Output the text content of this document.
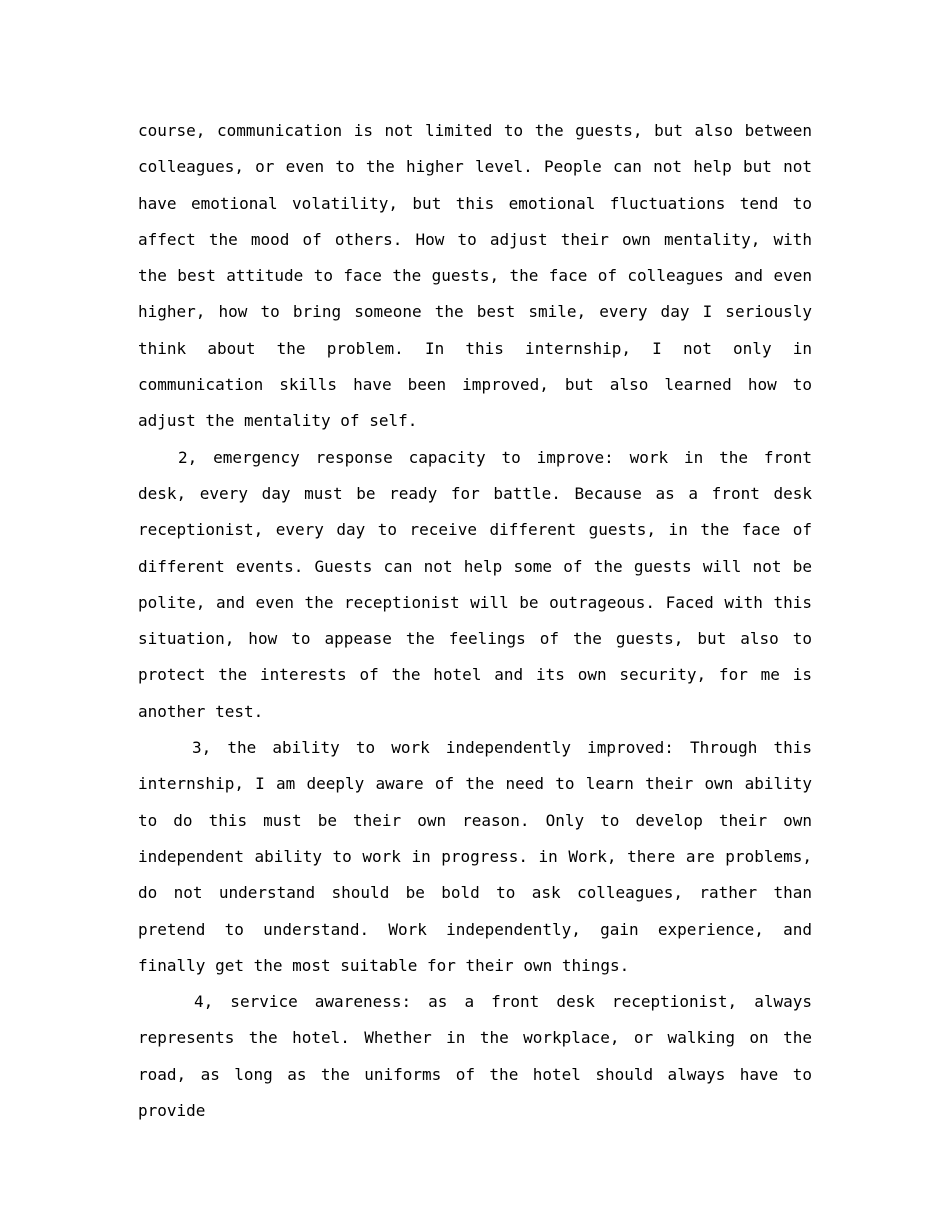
course, communication is not limited to the guests, but also between colleagues, or even to the higher level. People can not help but not have emotional volatility, but this emotional fluctuations tend to affect the mood of others. How to adjust their own mentality, with the best attitude to face the guests, the face of colleagues and even higher, how to bring someone the best smile, every day I seriously think about the problem. In this internship, I not only in communication skills have been improved, but also learned how to adjust the mentality of self.

2, emergency response capacity to improve: work in the front desk, every day must be ready for battle. Because as a front desk receptionist, every day to receive different guests, in the face of different events. Guests can not help some of the guests will not be polite, and even the receptionist will be outrageous. Faced with this situation, how to appease the feelings of the guests, but also to protect the interests of the hotel and its own security, for me is another test.

3, the ability to work independently improved: Through this internship, I am deeply aware of the need to learn their own ability to do this must be their own reason. Only to develop their own independent ability to work in progress. in Work, there are problems, do not understand should be bold to ask colleagues, rather than pretend to understand. Work independently, gain experience, and finally get the most suitable for their own things.

4, service awareness: as a front desk receptionist, always represents the hotel. Whether in the workplace, or walking on the road, as long as the uniforms of the hotel should always have to provide
